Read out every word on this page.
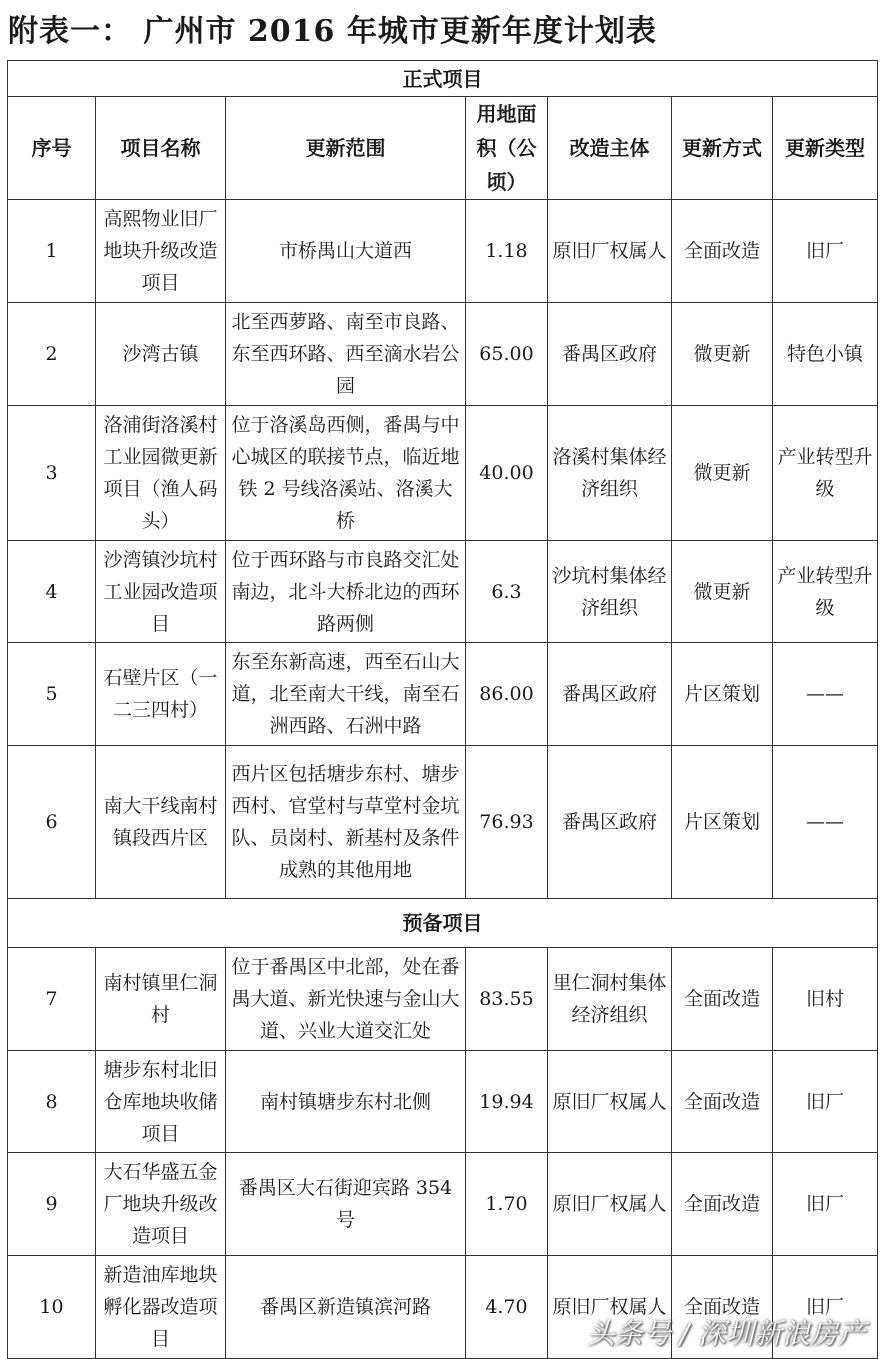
附表一： 广州市 2016 年城市更新年度计划表
正式项目						
序号	项目名称	更新范围	用地面积（公顷）	改造主体	更新方式	更新类型
1	高熙物业旧厂地块升级改造项目	市桥禺山大道西	1.18	原旧厂权属人	全面改造	旧厂
2	沙湾古镇	北至西萝路、南至市良路、东至西环路、西至滴水岩公园	65.00	番禺区政府	微更新	特色小镇
3	洛浦街洛溪村工业园微更新项目（渔人码头）	位于洛溪岛西侧，番禺与中心城区的联接节点，临近地铁 2 号线洛溪站、洛溪大桥	40.00	洛溪村集体经济组织	微更新	产业转型升级
4	沙湾镇沙坑村工业园改造项目	位于西环路与市良路交汇处南边，北斗大桥北边的西环路两侧	6.3	沙坑村集体经济组织	微更新	产业转型升级
5	石壁片区（一二三四村）	东至东新高速，西至石山大道，北至南大干线，南至石洲西路、石洲中路	86.00	番禺区政府	片区策划	——
6	南大干线南村镇段西片区	西片区包括塘步东村、塘步西村、官堂村与草堂村金坑队、员岗村、新基村及条件成熟的其他用地	76.93	番禺区政府	片区策划	——
预备项目						
7	南村镇里仁洞村	位于番禺区中北部，处在番禺大道、新光快速与金山大道、兴业大道交汇处	83.55	里仁洞村集体经济组织	全面改造	旧村
8	塘步东村北旧仓库地块收储项目	南村镇塘步东村北侧	19.94	原旧厂权属人	全面改造	旧厂
9	大石华盛五金厂地块升级改造项目	番禺区大石街迎宾路 354 号	1.70	原旧厂权属人	全面改造	旧厂
10	新造油库地块孵化器改造项目	番禺区新造镇滨河路	4.70	原旧厂权属人	全面改造	旧厂
头条号 / 深圳新浪房产
